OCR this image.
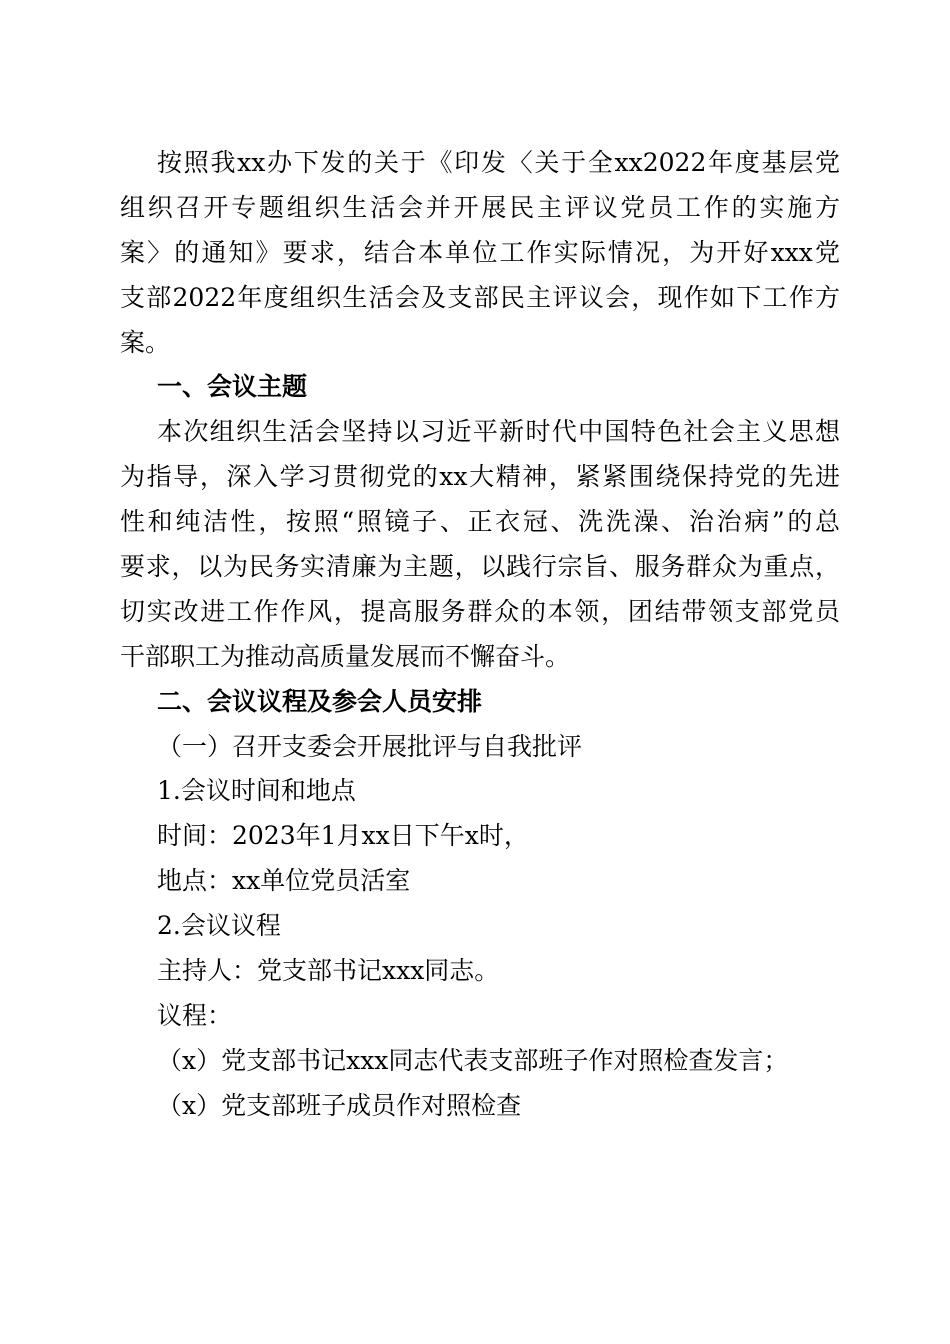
按照我xx办下发的关于《印发〈关于全xx2022年度基层党
组织召开专题组织生活会并开展民主评议党员工作的实施方
案〉的通知》要求，结合本单位工作实际情况，为开好xxx党
支部2022年度组织生活会及支部民主评议会，现作如下工作方
案。
一、会议主题
本次组织生活会坚持以习近平新时代中国特色社会主义思想
为指导，深入学习贯彻党的xx大精神，紧紧围绕保持党的先进
性和纯洁性，按照“照镜子、正衣冠、洗洗澡、治治病”的总
要求，以为民务实清廉为主题，以践行宗旨、服务群众为重点，
切实改进工作作风，提高服务群众的本领，团结带领支部党员
干部职工为推动高质量发展而不懈奋斗。
二、会议议程及参会人员安排
（一）召开支委会开展批评与自我批评
1.会议时间和地点
时间：2023年1月xx日下午x时，
地点：xx单位党员活室
2.会议议程
主持人：党支部书记xxx同志。
议程：
（x）党支部书记xxx同志代表支部班子作对照检查发言；
（x）党支部班子成员作对照检查
